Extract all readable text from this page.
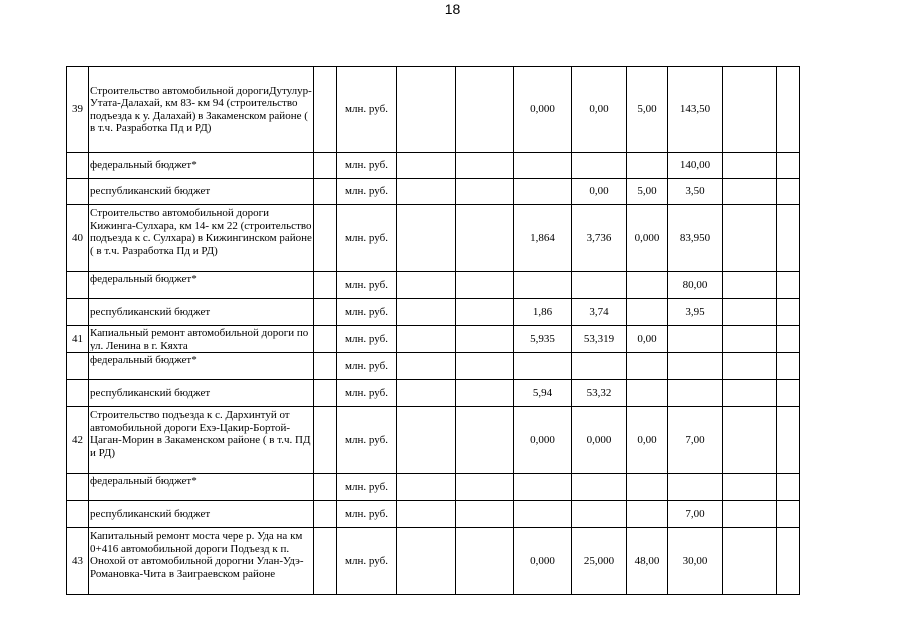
18
39	Строительство автомобильной дорогиДутулур-Утата-Далахай, км 83- км 94 (строительство подъезда к у. Далахай) в Закаменском районе ( в т.ч. Разработка Пд и РД)		млн. руб.			0,000	0,00	5,00	143,50		

	федеральный бюджет*		млн. руб.						140,00		

	республиканский бюджет		млн. руб.				0,00	5,00	3,50		
40	Строительство автомобильной дороги Кижинга-Сулхара, км 14- км 22 (строительство подъезда к с. Сулхара) в Кижингинском районе ( в т.ч. Разработка Пд и РД)		млн. руб.			1,864	3,736	0,000	83,950		

	федеральный бюджет*		млн. руб.						80,00		

	республиканский бюджет		млн. руб.			1,86	3,74		3,95		
41	Капиальный ремонт автомобильной дороги по ул. Ленина в г. Кяхта		млн. руб.			5,935	53,319	0,00			

	федеральный бюджет*		млн. руб.								

	республиканский бюджет		млн. руб.			5,94	53,32				
42	Строительство подъезда к с. Дархинтуй от автомобильной дороги Ехэ-Цакир-Бортой-Цаган-Морин в Закаменском районе ( в т.ч. ПД и РД)		млн. руб.			0,000	0,000	0,00	7,00		

	федеральный бюджет*		млн. руб.								

	республиканский бюджет		млн. руб.						7,00		
43	Капитальный ремонт моста чере р. Уда на км 0+416 автомобильной дороги Подъезд к п. Онохой от автомобильной дорогни Улан-Удэ-Романовка-Чита в Заиграевском районе		млн. руб.			0,000	25,000	48,00	30,00		
